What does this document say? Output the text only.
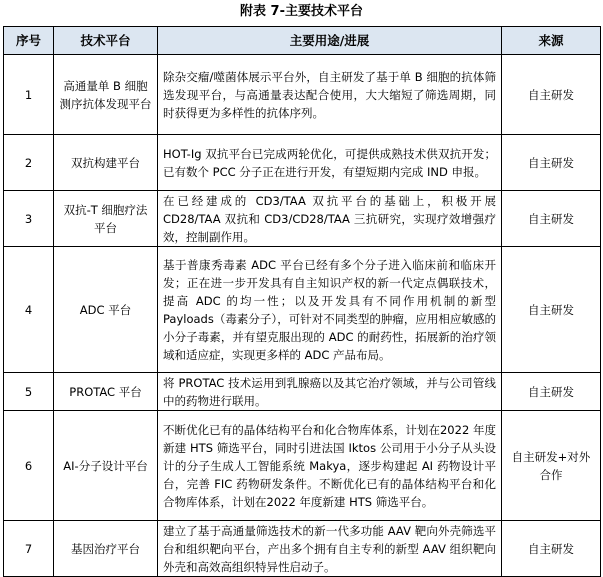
附表 7-主要技术平台
序号	技术平台	主要用途/进展	来源
1	高通量单 B 细胞测序抗体发现平台	除杂交瘤/噬菌体展示平台外，自主研发了基于单 B 细胞的抗体筛选发现平台，与高通量表达配合使用，大大缩短了筛选周期，同时获得更为多样性的抗体序列。	自主研发
2	双抗构建平台	HOT-Ig 双抗平台已完成两轮优化，可提供成熟技术供双抗开发；已有数个 PCC 分子正在进行开发，有望短期内完成 IND 申报。	自主研发
3	双抗-T 细胞疗法平台	在已经建成的 CD3/TAA 双抗平台的基础上，积极开展CD28/TAA 双抗和 CD3/CD28/TAA 三抗研究，实现疗效增强疗效，控制副作用。	自主研发
4	ADC 平台	基于普康秀毒素 ADC 平台已经有多个分子进入临床前和临床开发；正在进一步开发具有自主知识产权的新一代定点偶联技术，提高 ADC 的均一性；以及开发具有不同作用机制的新型 Payloads（毒素分子），可针对不同类型的肿瘤，应用相应敏感的小分子毒素，并有望克服出现的 ADC 的耐药性，拓展新的治疗领域和适应症，实现更多样的 ADC 产品布局。	自主研发
5	PROTAC 平台	将 PROTAC 技术运用到乳腺癌以及其它治疗领域，并与公司管线中的药物进行联用。	自主研发
6	AI-分子设计平台	不断优化已有的晶体结构平台和化合物库体系，计划在2022 年度新建 HTS 筛选平台，同时引进法国 Iktos 公司用于小分子从头设计的分子生成人工智能系统 Makya，逐步构建起 AI 药物设计平台，完善 FIC 药物研发条件。不断优化已有的晶体结构平台和化合物库体系，计划在2022 年度新建 HTS 筛选平台。	自主研发+对外合作
7	基因治疗平台	建立了基于高通量筛选技术的新一代多功能 AAV 靶向外壳筛选平台和组织靶向平台，产出多个拥有自主专利的新型 AAV 组织靶向外壳和高效高组织特异性启动子。	自主研发
